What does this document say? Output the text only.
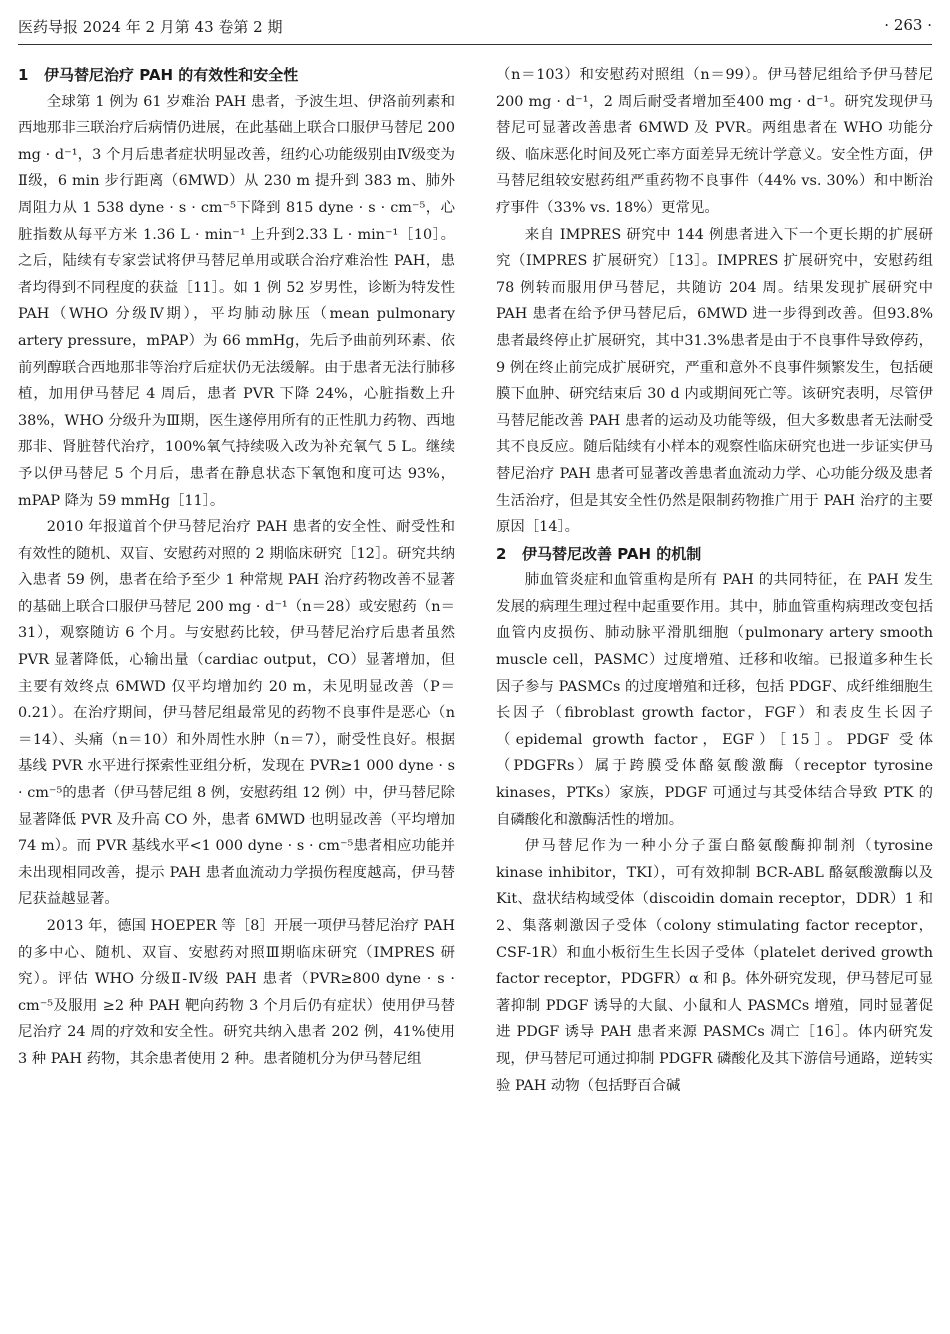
医药导报 2024 年 2 月第 43 卷第 2 期	· 263 ·
1 伊马替尼治疗 PAH 的有效性和安全性

全球第 1 例为 61 岁难治 PAH 患者，予波生坦、伊洛前列素和西地那非三联治疗后病情仍进展，在此基础上联合口服伊马替尼 200 mg · d⁻¹，3 个月后患者症状明显改善，纽约心功能级别由Ⅳ级变为Ⅱ级，6 min 步行距离（6MWD）从 230 m 提升到 383 m、肺外周阻力从 1 538 dyne · s · cm⁻⁵下降到 815 dyne · s · cm⁻⁵，心脏指数从每平方米 1.36 L · min⁻¹ 上升到2.33 L · min⁻¹［10］。之后，陆续有专家尝试将伊马替尼单用或联合治疗难治性 PAH，患者均得到不同程度的获益［11］。如 1 例 52 岁男性，诊断为特发性 PAH（WHO 分级Ⅳ期），平均肺动脉压（mean pulmonary artery pressure，mPAP）为 66 mmHg，先后予曲前列环素、依前列醇联合西地那非等治疗后症状仍无法缓解。由于患者无法行肺移植，加用伊马替尼 4 周后，患者 PVR 下降 24%，心脏指数上升 38%，WHO 分级升为Ⅲ期，医生遂停用所有的正性肌力药物、西地那非、肾脏替代治疗，100%氧气持续吸入改为补充氧气 5 L。继续予以伊马替尼 5 个月后，患者在静息状态下氧饱和度可达 93%，mPAP 降为 59 mmHg［11］。

2010 年报道首个伊马替尼治疗 PAH 患者的安全性、耐受性和有效性的随机、双盲、安慰药对照的 2 期临床研究［12］。研究共纳入患者 59 例，患者在给予至少 1 种常规 PAH 治疗药物改善不显著的基础上联合口服伊马替尼 200 mg · d⁻¹（n＝28）或安慰药（n＝31），观察随访 6 个月。与安慰药比较，伊马替尼治疗后患者虽然 PVR 显著降低，心输出量（cardiac output，CO）显著增加，但主要有效终点 6MWD 仅平均增加约 20 m，未见明显改善（P＝0.21）。在治疗期间，伊马替尼组最常见的药物不良事件是恶心（n＝14）、头痛（n＝10）和外周性水肿（n＝7），耐受性良好。根据基线 PVR 水平进行探索性亚组分析，发现在 PVR≥1 000 dyne · s · cm⁻⁵的患者（伊马替尼组 8 例，安慰药组 12 例）中，伊马替尼除显著降低 PVR 及升高 CO 外，患者 6MWD 也明显改善（平均增加74 m）。而 PVR 基线水平<1 000 dyne · s · cm⁻⁵患者相应功能并未出现相同改善，提示 PAH 患者血流动力学损伤程度越高，伊马替尼获益越显著。

2013 年，德国 HOEPER 等［8］开展一项伊马替尼治疗 PAH 的多中心、随机、双盲、安慰药对照Ⅲ期临床研究（IMPRES 研究）。评估 WHO 分级Ⅱ-Ⅳ级 PAH 患者（PVR≥800 dyne · s · cm⁻⁵及服用 ≥2 种 PAH 靶向药物 3 个月后仍有症状）使用伊马替尼治疗 24 周的疗效和安全性。研究共纳入患者 202 例，41%使用 3 种 PAH 药物，其余患者使用 2 种。患者随机分为伊马替尼组

（n＝103）和安慰药对照组（n＝99）。伊马替尼组给予伊马替尼 200 mg · d⁻¹，2 周后耐受者增加至400 mg · d⁻¹。研究发现伊马替尼可显著改善患者 6MWD 及 PVR。两组患者在 WHO 功能分级、临床恶化时间及死亡率方面差异无统计学意义。安全性方面，伊马替尼组较安慰药组严重药物不良事件（44% vs. 30%）和中断治疗事件（33% vs. 18%）更常见。

来自 IMPRES 研究中 144 例患者进入下一个更长期的扩展研究（IMPRES 扩展研究）［13］。IMPRES 扩展研究中，安慰药组 78 例转而服用伊马替尼，共随访 204 周。结果发现扩展研究中 PAH 患者在给予伊马替尼后，6MWD 进一步得到改善。但93.8%患者最终停止扩展研究，其中31.3%患者是由于不良事件导致停药，9 例在终止前完成扩展研究，严重和意外不良事件频繁发生，包括硬膜下血肿、研究结束后 30 d 内或期间死亡等。该研究表明，尽管伊马替尼能改善 PAH 患者的运动及功能等级，但大多数患者无法耐受其不良反应。随后陆续有小样本的观察性临床研究也进一步证实伊马替尼治疗 PAH 患者可显著改善患者血流动力学、心功能分级及患者生活治疗，但是其安全性仍然是限制药物推广用于 PAH 治疗的主要原因［14］。

2 伊马替尼改善 PAH 的机制

肺血管炎症和血管重构是所有 PAH 的共同特征，在 PAH 发生发展的病理生理过程中起重要作用。其中，肺血管重构病理改变包括血管内皮损伤、肺动脉平滑肌细胞（pulmonary artery smooth muscle cell，PASMC）过度增殖、迁移和收缩。已报道多种生长因子参与 PASMCs 的过度增殖和迁移，包括 PDGF、成纤维细胞生长因子（fibroblast growth factor，FGF）和表皮生长因子（epidemal growth factor，EGF）［15］。PDGF 受体（PDGFRs）属于跨膜受体酪氨酸激酶（receptor tyrosine kinases，PTKs）家族，PDGF 可通过与其受体结合导致 PTK 的自磷酸化和激酶活性的增加。

伊马替尼作为一种小分子蛋白酪氨酸酶抑制剂（tyrosine kinase inhibitor，TKI），可有效抑制 BCR-ABL 酪氨酸激酶以及 Kit、盘状结构域受体（discoidin domain receptor，DDR）1 和 2、集落刺激因子受体（colony stimulating factor receptor，CSF-1R）和血小板衍生生长因子受体（platelet derived growth factor receptor，PDGFR）α 和 β。体外研究发现，伊马替尼可显著抑制 PDGF 诱导的大鼠、小鼠和人 PASMCs 增殖，同时显著促进 PDGF 诱导 PAH 患者来源 PASMCs 凋亡［16］。体内研究发现，伊马替尼可通过抑制 PDGFR 磷酸化及其下游信号通路，逆转实验 PAH 动物（包括野百合碱
